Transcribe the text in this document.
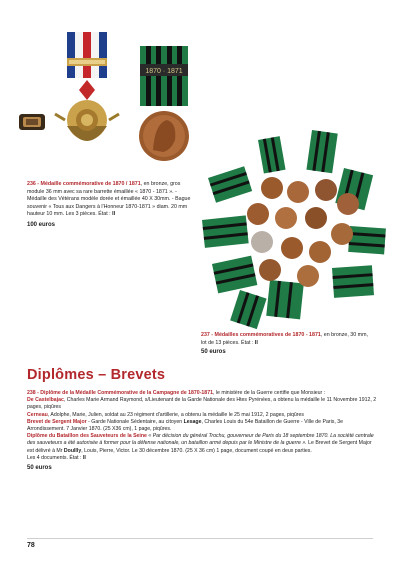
1870 · 1871
236 - Médaille commémorative de 1870 / 1871, en bronze, gros module 36 mm avec sa rare barrette émaillée « 1870 - 1871 ». - Médaille des Vétérans modèle dorée et émaillée 40 X 30mm. - Bague souvenir « Tous aux Dangers à l'Honneur 1870-1871 » diam. 20 mm hauteur 10 mm. Les 3 pièces. État : II
100 euros
237 - Médailles commémoratives de 1870 - 1871, en bronze, 30 mm, lot de 13 pièces. État : II
50 euros
Diplômes – Brevets

238 - Diplôme de la Médaille Commémorative de la Campagne de 1870-1871, le ministère de la Guerre certifie que Monsieur :

De Castelbajac, Charles Marie Armand Raymond, s/Lieutenant de la Garde Nationale des Htes Pyrénées, a obtenu la médaille le 11 Novembre 1912, 2 pages, piqûres

Cerneau, Adolphe, Marie, Julien, soldat au 23 régiment d'artillerie, a obtenu la médaille le 25 mai 1912, 2 pages, piqûres

Brevet de Sergent Major - Garde Nationale Sédentaire, au citoyen Lesage, Charles Louis du 54e Bataillon de Guerre - Ville de Paris, 3e Arrondissement. 7 Janvier 1870. (25 X36 cm), 1 page, piqûres.

Diplôme du Bataillon des Sauveteurs de la Seine « Par décision du général Trochu, gouverneur de Paris du 18 septembre 1870. La société centrale des sauveteurs a été autorisée à former pour la défense nationale, un bataillon armé depuis par le Ministre de la guerre ». Le Brevet de Sergent Major est délivré à Mr Doullly, Louis, Pierre, Victor. Le 30 décembre 1870. (25 X 36 cm) 1 page, document coupé en deux parties.

Les 4 documents. État : II

50 euros

78
